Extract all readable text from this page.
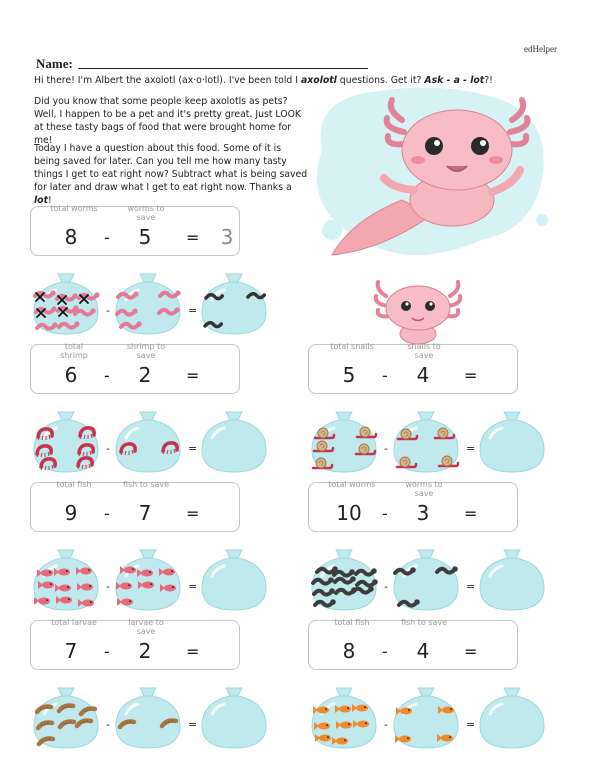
edHelper
Name:
Hi there! I'm Albert the axolotl (ax·o·lotl). I've been told I axolotl questions. Get it? Ask - a - lot?!
Did you know that some people keep axolotls as pets? Well, I happen to be a pet and it's pretty great. Just LOOK at these tasty bags of food that were brought home for me!
Today I have a question about this food. Some of it is being saved for later. Can you tell me how many tasty things I get to eat right now? Subtract what is being saved for later and draw what I get to eat right now. Thanks a lot!
total worms	worms to save
8	-	5	=	3
-	=
total shrimp
shrimp to save
6	-	2	=
-	=
total snails	snails to save
5	-	4	=
-	=
total fish	fish to save
9	-	7	=
-	=
total worms	worms to save
10 -	3	=
-	=
total larvae	larvae to save
7	-	2	=
-	=
total fish	fish to save
8	-	4	=
-	=
